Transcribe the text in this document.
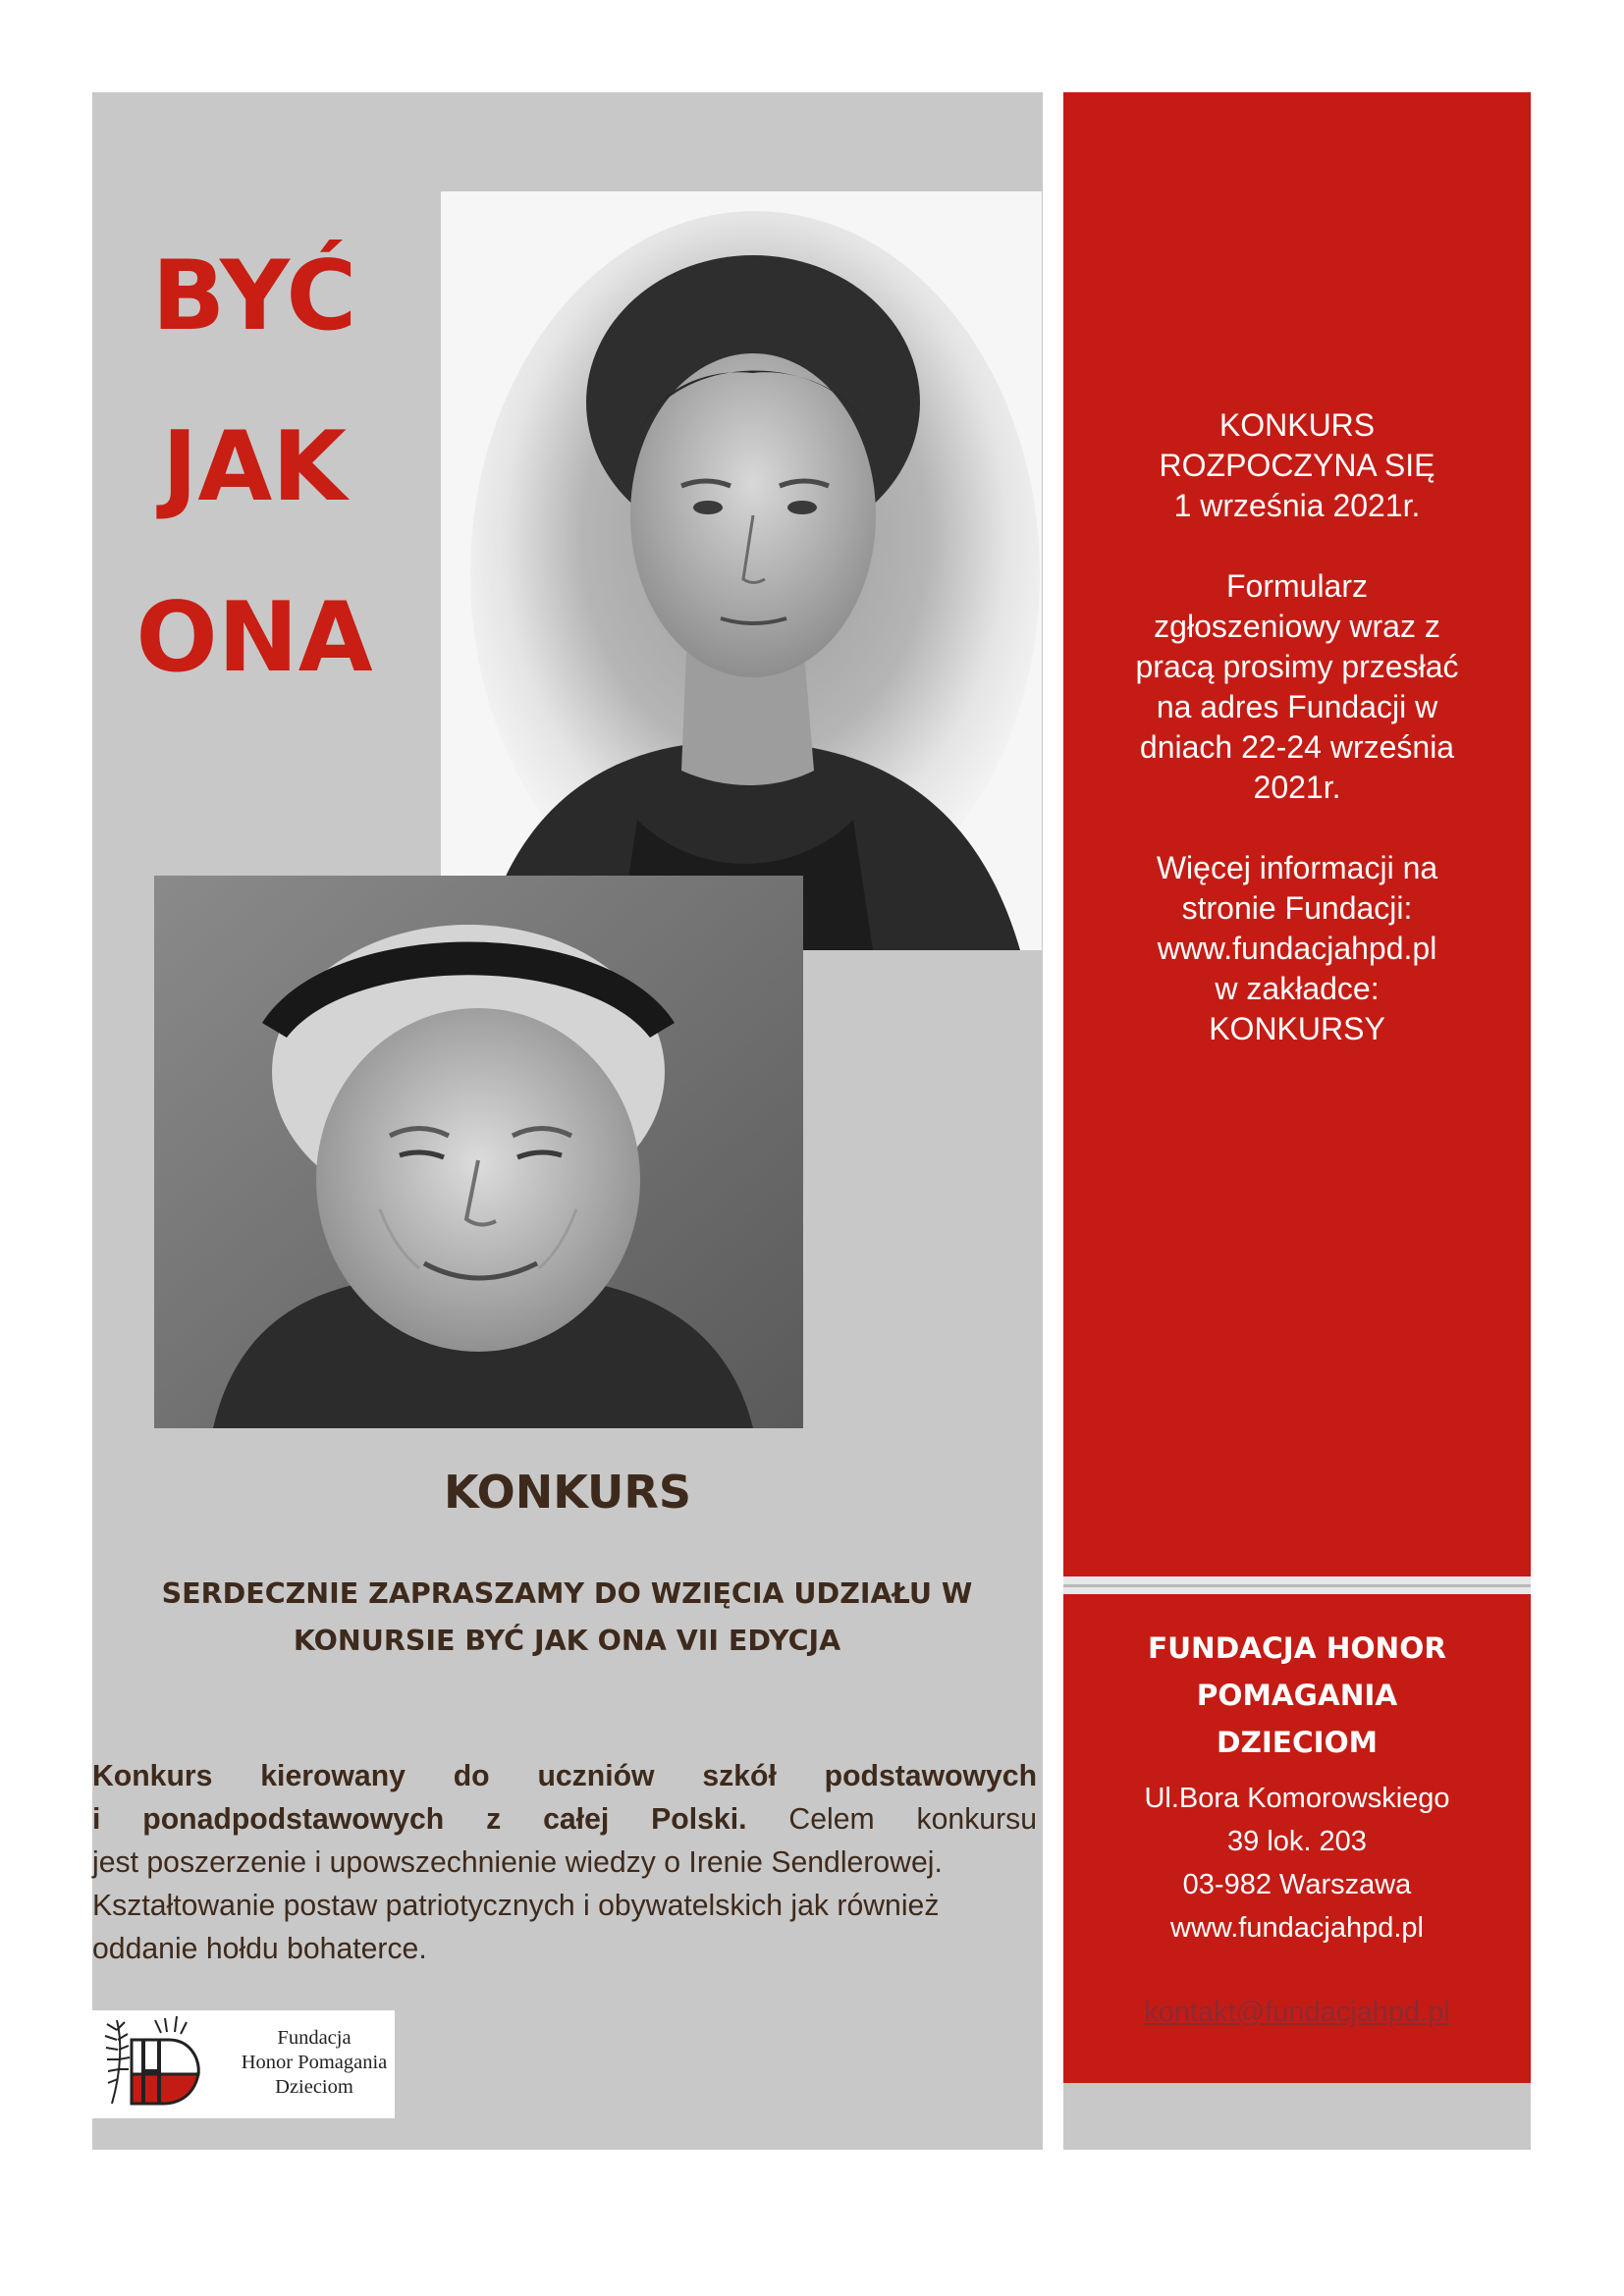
BYĆ
JAK
ONA
KONKURS
SERDECZNIE ZAPRASZAMY DO WZIĘCIA UDZIAŁU W
KONURSIE BYĆ JAK ONA VII EDYCJA
Konkurs kierowany do uczniów szkół podstawowych
i ponadpodstawowych z całej Polski. Celem konkursu
jest poszerzenie i upowszechnienie wiedzy o Irenie Sendlerowej.
Kształtowanie postaw patriotycznych i obywatelskich jak również
oddanie hołdu bohaterce.
Fundacja
Honor Pomagania
Dzieciom
KONKURS
ROZPOCZYNA SIĘ
1 września 2021r.
Formularz
zgłoszeniowy wraz z
pracą prosimy przesłać
na adres Fundacji w
dniach 22-24 września
2021r.
Więcej informacji na
stronie Fundacji:
www.fundacjahpd.pl
w zakładce:
KONKURSY
FUNDACJA HONOR
POMAGANIA
DZIECIOM
Ul.Bora Komorowskiego
39 lok. 203
03-982 Warszawa
www.fundacjahpd.pl
kontakt@fundacjahpd.pl
